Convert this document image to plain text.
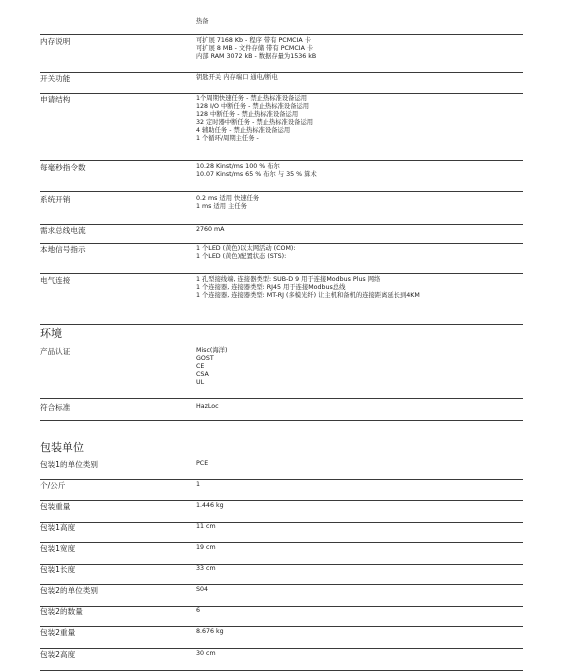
热备
内存说明	可扩展 7168 Kb - 程序 带有 PCMCIA 卡
可扩展 8 MB - 文件存储 带有 PCMCIA 卡
内部 RAM 3072 kB - 数据存量为1536 kB
开关功能	钥匙开关 内存端口 通电/断电
申请结构	1个周期快速任务 - 禁止热标准设备运用
128 I/O 中断任务 - 禁止热标准设备运用
128 中断任务 - 禁止热标准设备运用
32 定时器中断任务 - 禁止热标准设备运用
4 辅助任务 - 禁止热标准设备运用
1 个循环/周期主任务 -
每毫秒指令数	10.28 Kinst/ms 100 % 布尔
10.07 Kinst/ms 65 % 布尔 与 35 % 算术
系统开销	0.2 ms 适用 快速任务
1 ms 适用 主任务
需求总线电流	2760 mA
本地信号指示	1 个LED (黄色)以太网活动 (COM):
1 个LED (黄色)配置状态 (STS):
电气连接	1 孔型接线端, 连接器类型: SUB-D 9 用于连接Modbus Plus 网络
1 个连接器, 连接器类型: RJ45 用于连接Modbus总线
1 个连接器, 连接器类型: MT-RJ (多模光纤) 让主机和备机的连接距离延长到4KM
环境
产品认证	Misc(海洋)
GOST
CE
CSA
UL
符合标准	HazLoc
包装单位
包装1的单位类别	PCE
个/公斤	1
包装重量	1.446 kg
包装1高度	11 cm
包装1宽度	19 cm
包装1长度	33 cm
包装2的单位类别	S04
包装2的数量	6
包装2重量	8.676 kg
包装2高度	30 cm
